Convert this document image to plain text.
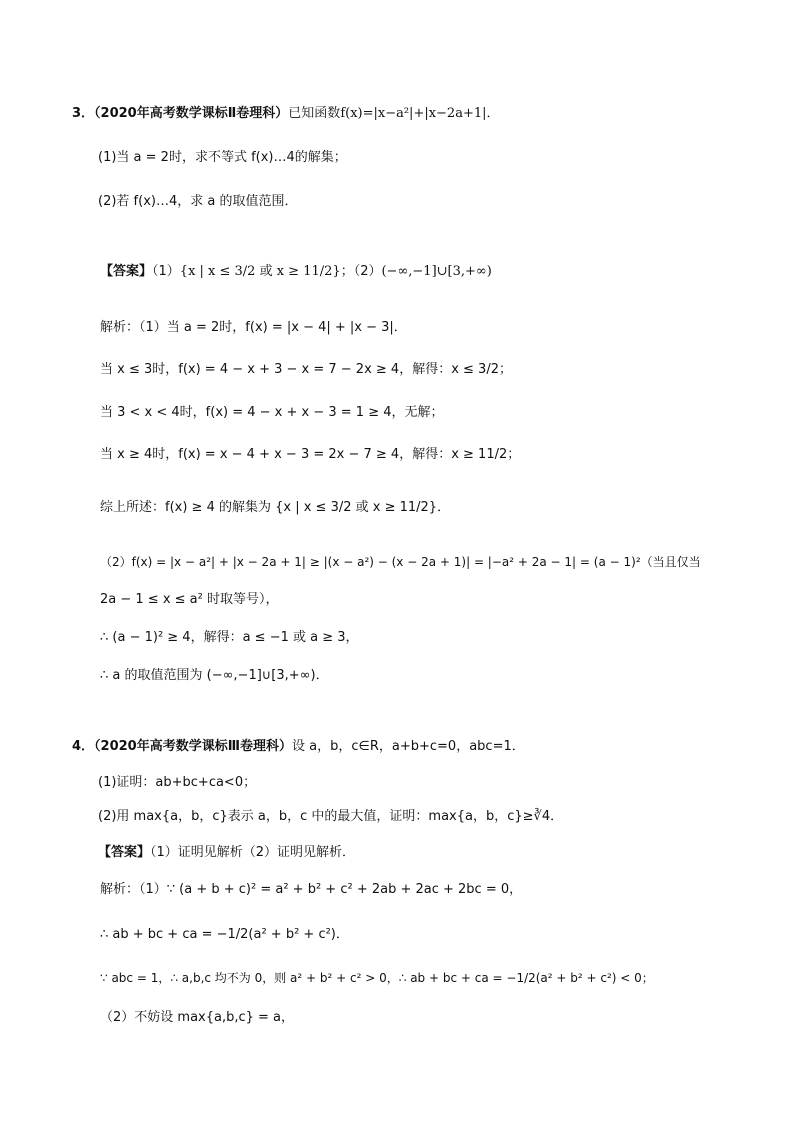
3．（2020年高考数学课标Ⅱ卷理科）已知函数f(x)=|x−a²|+|x−2a+1|．
(1)当 a = 2时，求不等式 f(x)…4的解集；
(2)若 f(x)…4，求 a 的取值范围．
【答案】（1）{x | x ≤ 3/2 或 x ≥ 11/2}；（2）(−∞,−1]∪[3,+∞)
解析：（1）当 a = 2时，f(x) = |x − 4| + |x − 3|．
当 x ≤ 3时，f(x) = 4 − x + 3 − x = 7 − 2x ≥ 4，解得：x ≤ 3/2；
当 3 < x < 4时，f(x) = 4 − x + x − 3 = 1 ≥ 4，无解；
当 x ≥ 4时，f(x) = x − 4 + x − 3 = 2x − 7 ≥ 4，解得：x ≥ 11/2；
综上所述：f(x) ≥ 4 的解集为 {x | x ≤ 3/2 或 x ≥ 11/2}．
（2）f(x) = |x − a²| + |x − 2a + 1| ≥ |(x − a²) − (x − 2a + 1)| = |−a² + 2a − 1| = (a − 1)²（当且仅当
2a − 1 ≤ x ≤ a² 时取等号），
∴ (a − 1)² ≥ 4，解得：a ≤ −1 或 a ≥ 3，
∴ a 的取值范围为 (−∞,−1]∪[3,+∞)．
4．（2020年高考数学课标Ⅲ卷理科）设 a，b，c∈R，a+b+c=0，abc=1．
(1)证明：ab+bc+ca<0；
(2)用 max{a，b，c}表示 a，b，c 中的最大值，证明：max{a，b，c}≥∛4．
【答案】（1）证明见解析（2）证明见解析．
解析：（1）∵ (a + b + c)² = a² + b² + c² + 2ab + 2ac + 2bc = 0，
∴ ab + bc + ca = −1/2(a² + b² + c²)．
∵ abc = 1，∴ a,b,c 均不为 0，则 a² + b² + c² > 0，∴ ab + bc + ca = −1/2(a² + b² + c²) < 0；
（2）不妨设 max{a,b,c} = a，
